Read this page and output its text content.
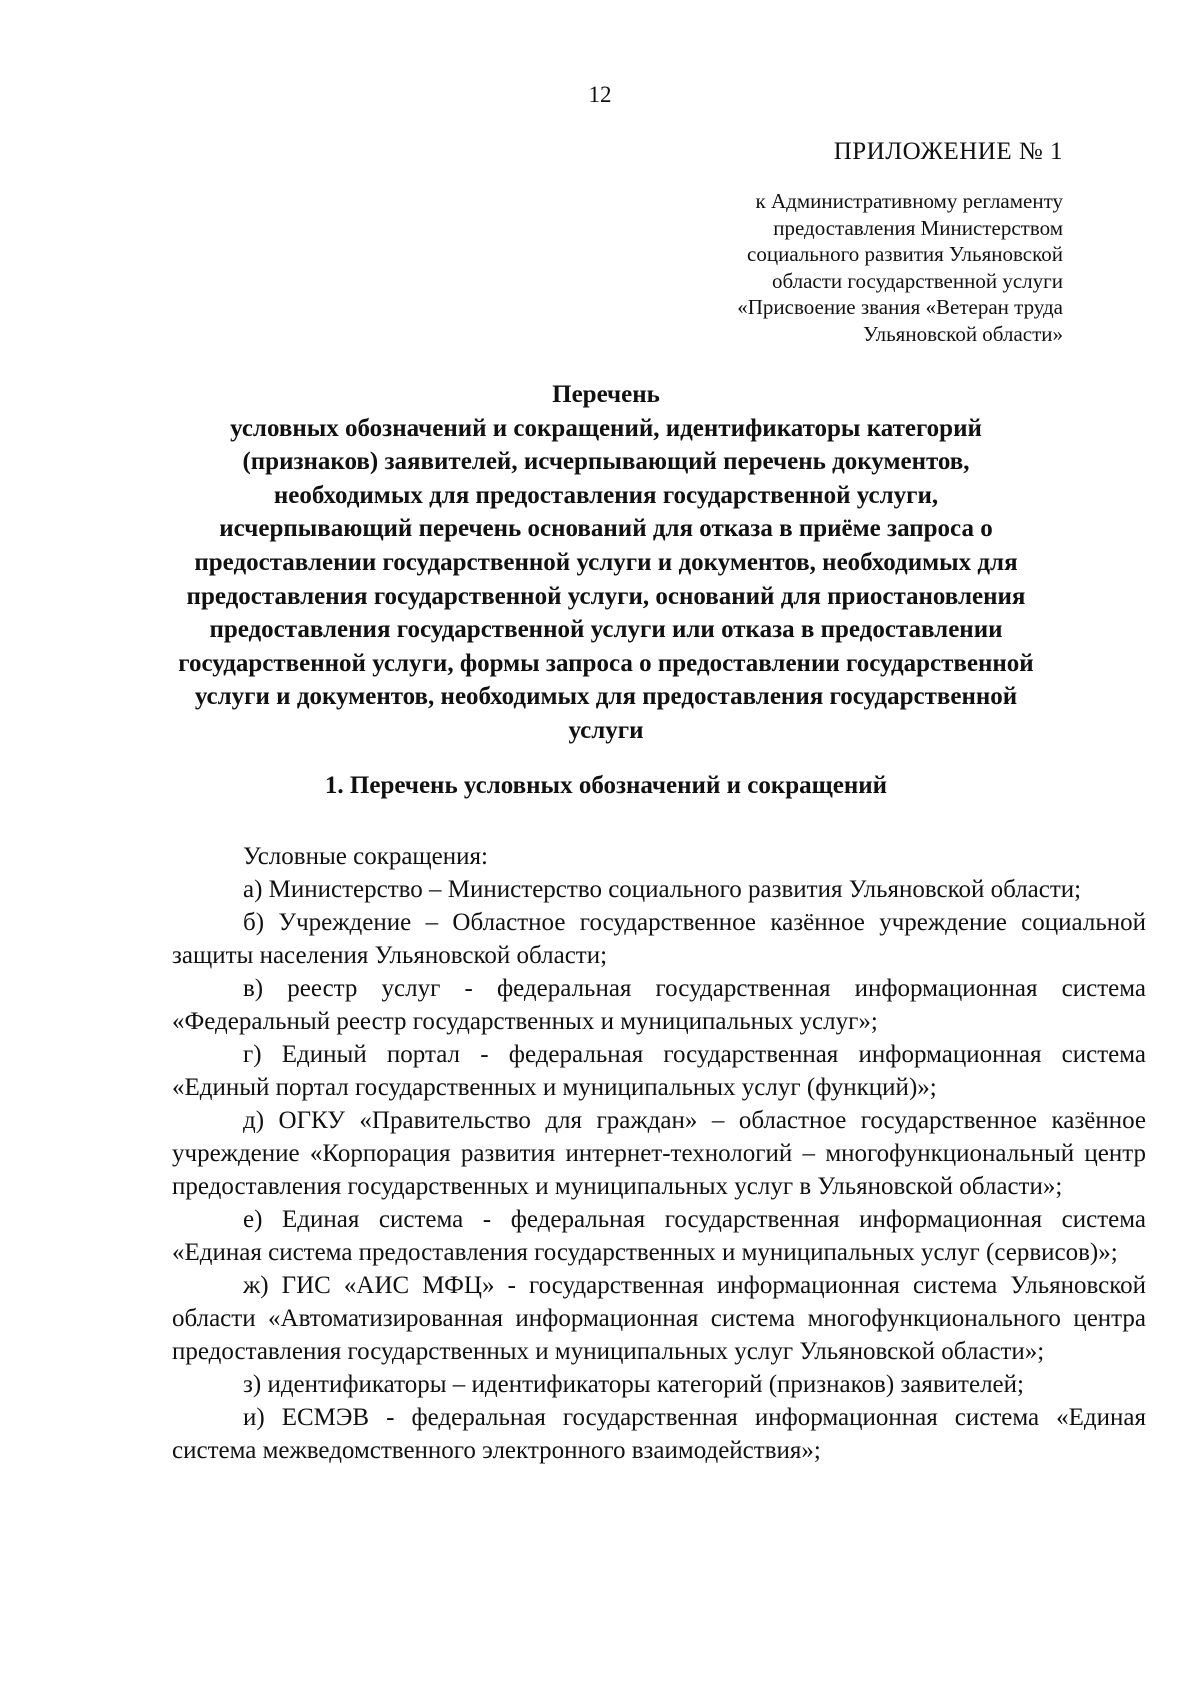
12
ПРИЛОЖЕНИЕ № 1
к Административному регламенту
предоставления Министерством
социального развития Ульяновской
области государственной услуги
«Присвоение звания «Ветеран труда
Ульяновской области»
Перечень
условных обозначений и сокращений, идентификаторы категорий
(признаков) заявителей, исчерпывающий перечень документов,
необходимых для предоставления государственной услуги,
исчерпывающий перечень оснований для отказа в приёме запроса о
предоставлении государственной услуги и документов, необходимых для
предоставления государственной услуги, оснований для приостановления
предоставления государственной услуги или отказа в предоставлении
государственной услуги, формы запроса о предоставлении государственной
услуги и документов, необходимых для предоставления государственной
услуги
1. Перечень условных обозначений и сокращений

Условные сокращения:

а) Министерство – Министерство социального развития Ульяновской области;

б) Учреждение – Областное государственное казённое учреждение социальной защиты населения Ульяновской области;

в) реестр услуг - федеральная государственная информационная система «Федеральный реестр государственных и муниципальных услуг»;

г) Единый портал - федеральная государственная информационная система «Единый портал государственных и муниципальных услуг (функций)»;

д) ОГКУ «Правительство для граждан» – областное государственное казённое учреждение «Корпорация развития интернет-технологий – многофункциональный центр предоставления государственных и муниципальных услуг в Ульяновской области»;

е) Единая система - федеральная государственная информационная система «Единая система предоставления государственных и муниципальных услуг (сервисов)»;

ж) ГИС «АИС МФЦ» - государственная информационная система Ульяновской области «Автоматизированная информационная система многофункционального центра предоставления государственных и муниципальных услуг Ульяновской области»;

з) идентификаторы – идентификаторы категорий (признаков) заявителей;

и) ЕСМЭВ - федеральная государственная информационная система «Единая система межведомственного электронного взаимодействия»;
